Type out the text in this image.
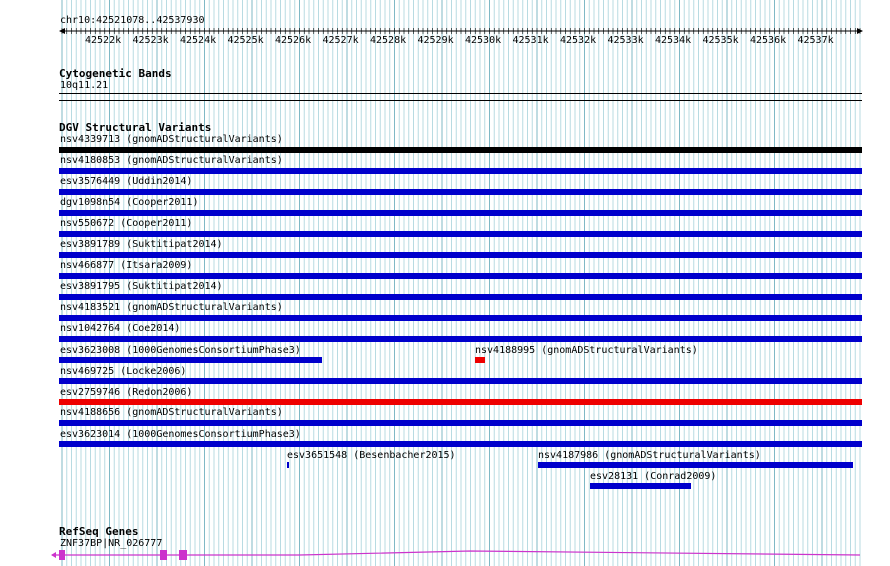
chr10:42521078..42537930
42522k 42523k 42524k 42525k 42526k 42527k 42528k 42529k 42530k 42531k 42532k 42533k 42534k 42535k 42536k 42537k
Cytogenetic Bands
10q11.21
DGV Structural Variants
nsv4339713 (gnomADStructuralVariants)
nsv4180853 (gnomADStructuralVariants)
esv3576449 (Uddin2014)
dgv1098n54 (Cooper2011)
nsv550672 (Cooper2011)
esv3891789 (Suktitipat2014)
nsv466877 (Itsara2009)
esv3891795 (Suktitipat2014)
nsv4183521 (gnomADStructuralVariants)
nsv1042764 (Coe2014)
esv3623008 (1000GenomesConsortiumPhase3)	nsv4188995 (gnomADStructuralVariants)
nsv469725 (Locke2006)
esv2759746 (Redon2006)
nsv4188656 (gnomADStructuralVariants)
esv3623014 (1000GenomesConsortiumPhase3)
esv3651548 (Besenbacher2015)	nsv4187986 (gnomADStructuralVariants)
esv28131 (Conrad2009)
RefSeq Genes
ZNF37BP|NR_026777
